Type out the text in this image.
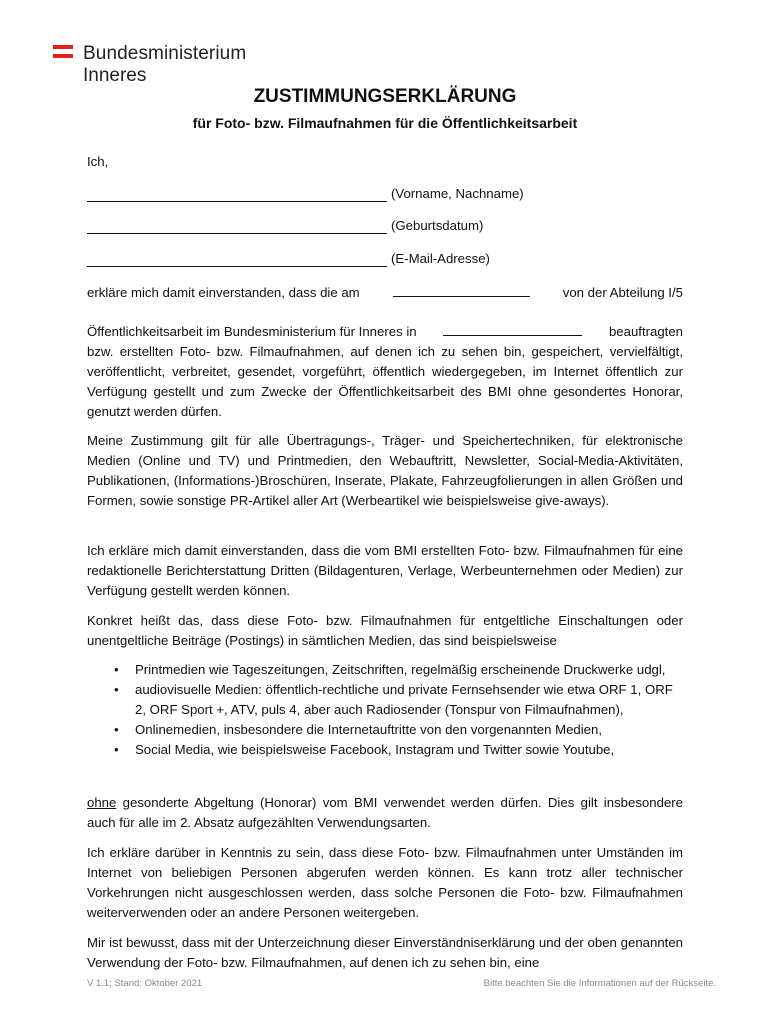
Bundesministerium
Inneres
ZUSTIMMUNGSERKLÄRUNG
für Foto- bzw. Filmaufnahmen für die Öffentlichkeitsarbeit
Ich,
(Vorname, Nachname)
(Geburtsdatum)
(E-Mail-Adresse)
erkläre mich damit einverstanden, dass die am	von der Abteilung I/5
Öffentlichkeitsarbeit im Bundesministerium für Inneres in	beauftragten
bzw. erstellten Foto- bzw. Filmaufnahmen, auf denen ich zu sehen bin, gespeichert, vervielfältigt, veröffentlicht, verbreitet, gesendet, vorgeführt, öffentlich wiedergegeben, im Internet öffentlich zur Verfügung gestellt und zum Zwecke der Öffentlichkeitsarbeit des BMI ohne gesondertes Honorar, genutzt werden dürfen.
Meine Zustimmung gilt für alle Übertragungs-, Träger- und Speichertechniken, für elektronische Medien (Online und TV) und Printmedien, den Webauftritt, Newsletter, Social-Media-Aktivitäten, Publikationen, (Informations-)Broschüren, Inserate, Plakate, Fahrzeugfolierungen in allen Größen und Formen, sowie sonstige PR-Artikel aller Art (Werbeartikel wie beispielsweise give-aways).
Ich erkläre mich damit einverstanden, dass die vom BMI erstellten Foto- bzw. Filmaufnahmen für eine redaktionelle Berichterstattung Dritten (Bildagenturen, Verlage, Werbeunternehmen oder Medien) zur Verfügung gestellt werden können.
Konkret heißt das, dass diese Foto- bzw. Filmaufnahmen für entgeltliche Einschaltungen oder unentgeltliche Beiträge (Postings) in sämtlichen Medien, das sind beispielsweise
• Printmedien wie Tageszeitungen, Zeitschriften, regelmäßig erscheinende Druckwerke udgl,
• audiovisuelle Medien: öffentlich-rechtliche und private Fernsehsender wie etwa ORF 1, ORF 2, ORF Sport +, ATV, puls 4, aber auch Radiosender (Tonspur von Filmaufnahmen),
• Onlinemedien, insbesondere die Internetauftritte von den vorgenannten Medien,
• Social Media, wie beispielsweise Facebook, Instagram und Twitter sowie Youtube,
ohne gesonderte Abgeltung (Honorar) vom BMI verwendet werden dürfen. Dies gilt insbesondere auch für alle im 2. Absatz aufgezählten Verwendungsarten.
Ich erkläre darüber in Kenntnis zu sein, dass diese Foto- bzw. Filmaufnahmen unter Umständen im Internet von beliebigen Personen abgerufen werden können. Es kann trotz aller technischer Vorkehrungen nicht ausgeschlossen werden, dass solche Personen die Foto- bzw. Filmaufnahmen weiterverwenden oder an andere Personen weitergeben.
Mir ist bewusst, dass mit der Unterzeichnung dieser Einverständniserklärung und der oben genannten Verwendung der Foto- bzw. Filmaufnahmen, auf denen ich zu sehen bin, eine
V 1.1; Stand: Oktober 2021	Bitte beachten Sie die Informationen auf der Rückseite.
